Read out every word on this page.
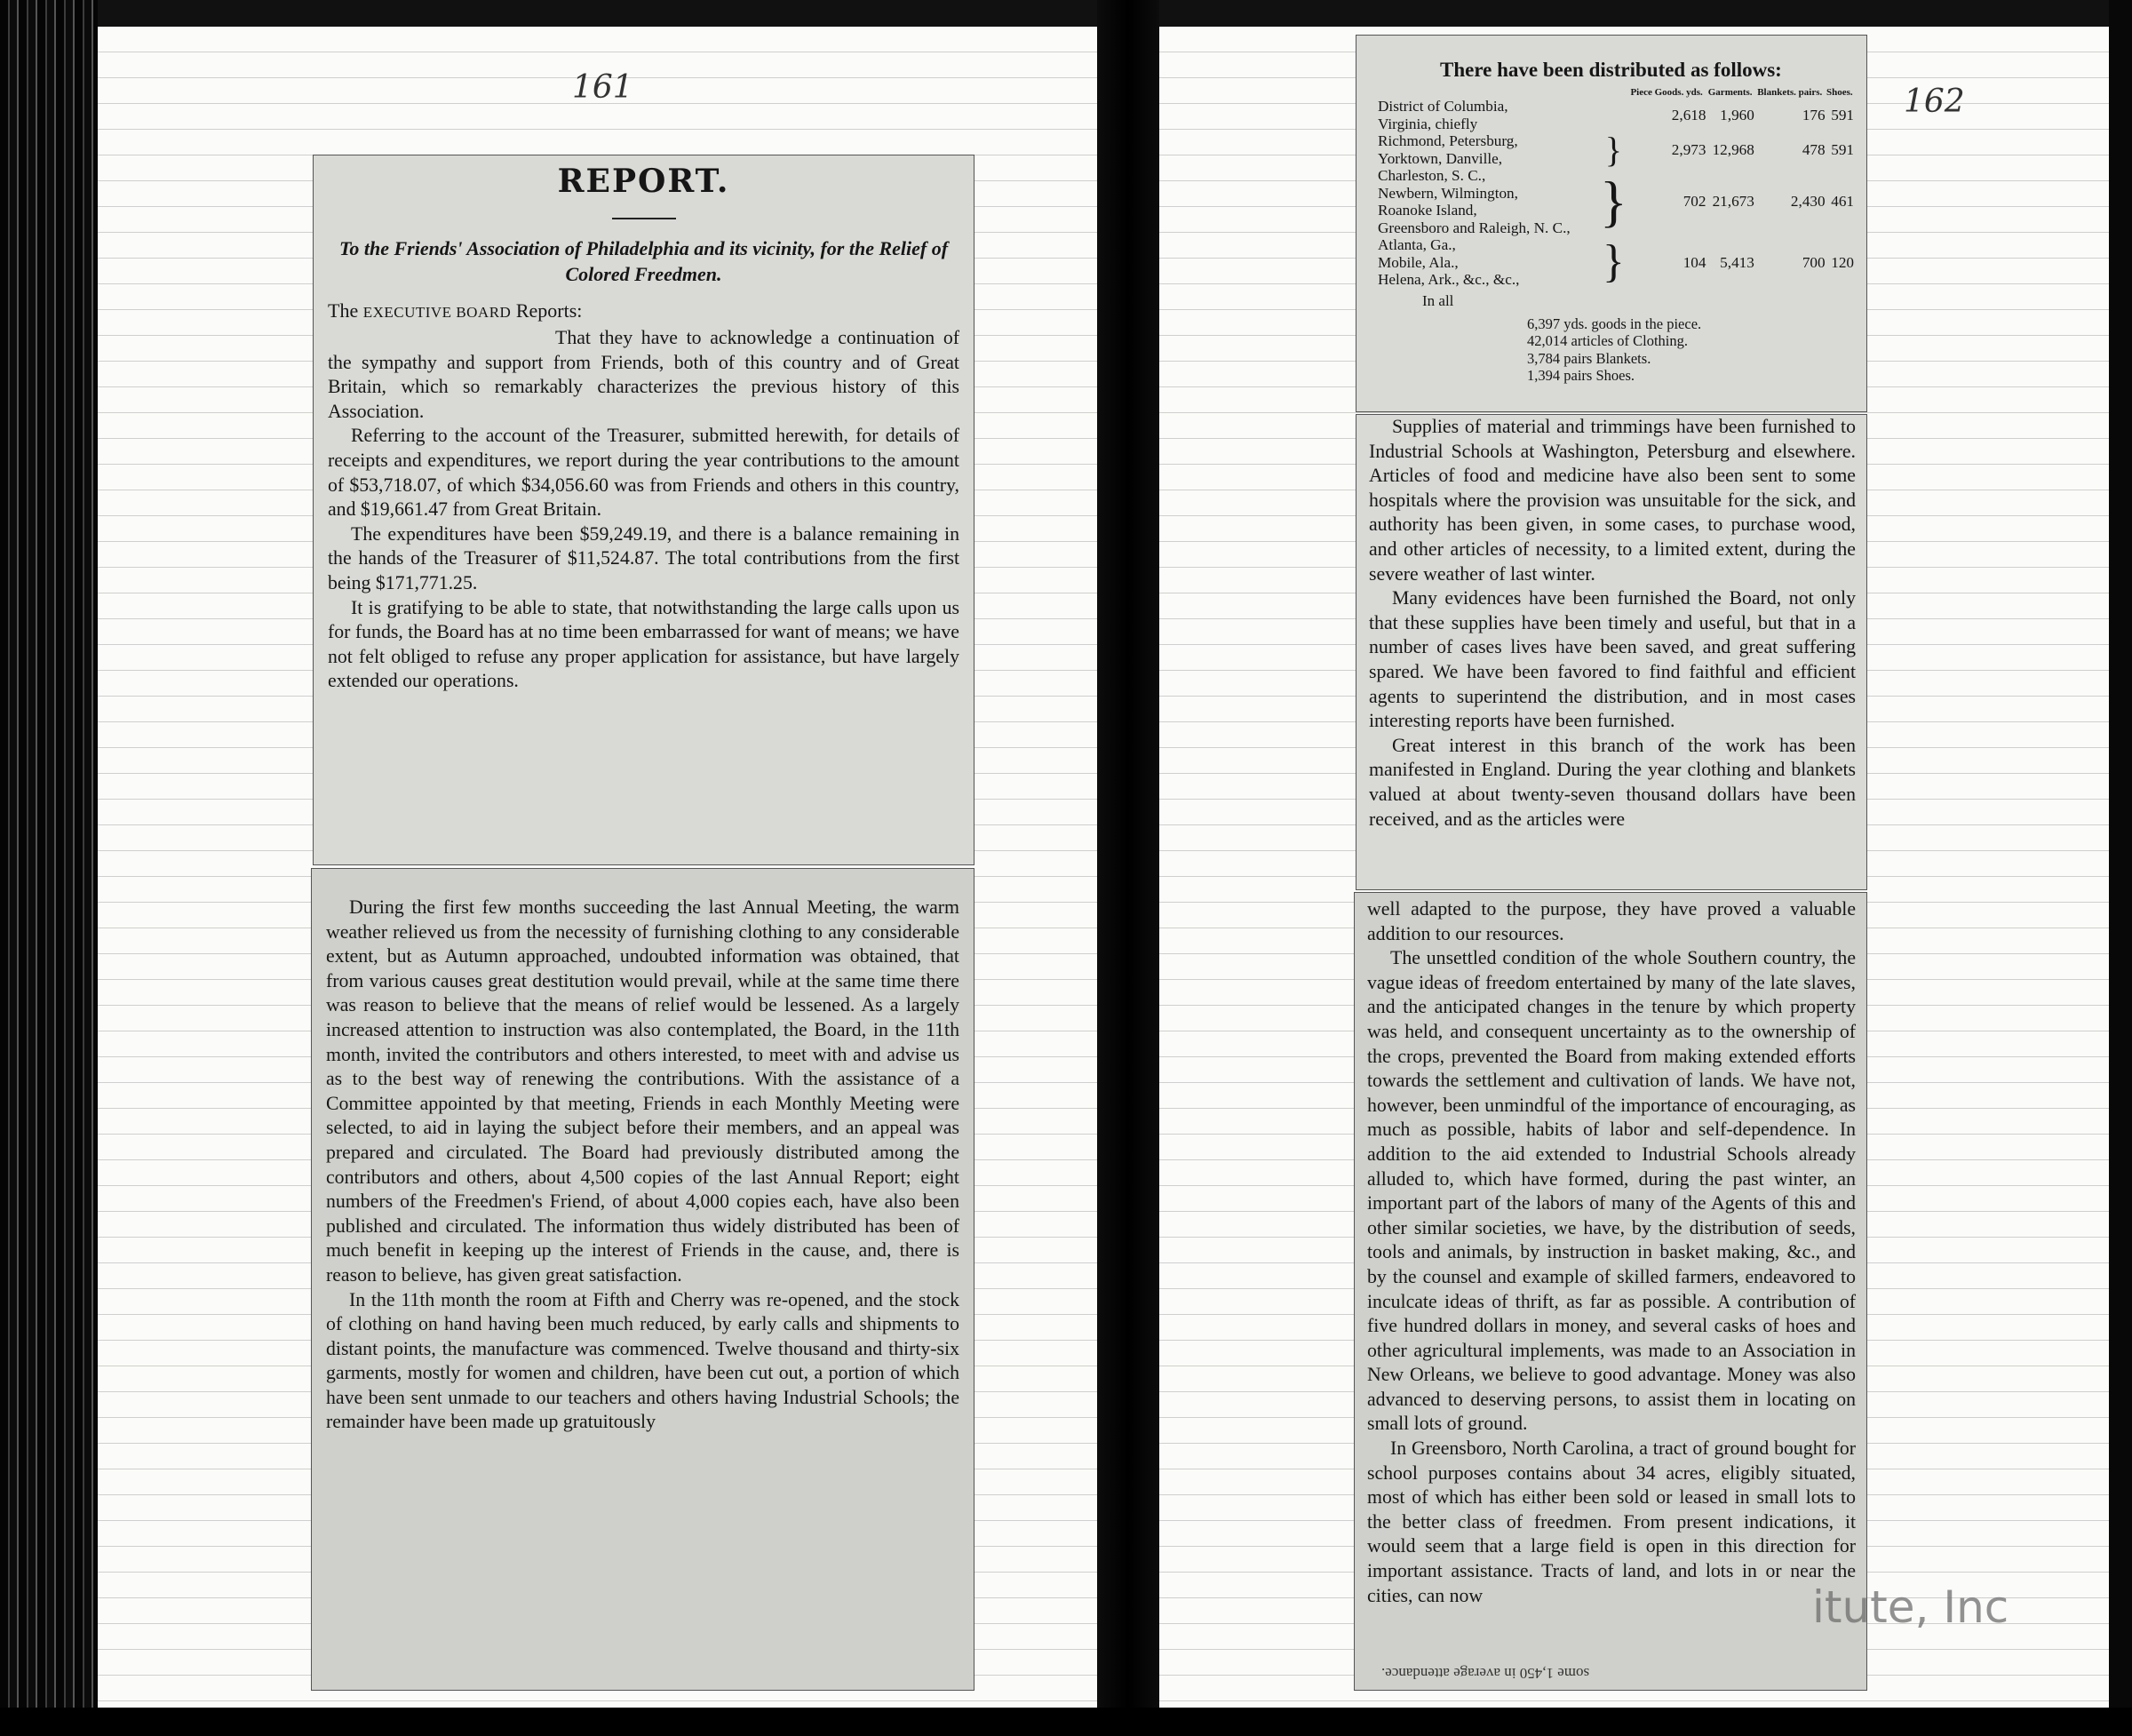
161
REPORT.

To the Friends' Association of Philadelphia and its vicinity, for the Relief of Colored Freedmen.

The EXECUTIVE BOARD Reports:

That they have to acknowledge a continuation of the sympathy and support from Friends, both of this country and of Great Britain, which so remarkably characterizes the previous history of this Association.

Referring to the account of the Treasurer, submitted herewith, for details of receipts and expenditures, we report during the year contributions to the amount of $53,718.07, of which $34,056.60 was from Friends and others in this country, and $19,661.47 from Great Britain.

The expenditures have been $59,249.19, and there is a balance remaining in the hands of the Treasurer of $11,524.87. The total contributions from the first being $171,771.25.

It is gratifying to be able to state, that notwithstanding the large calls upon us for funds, the Board has at no time been embarrassed for want of means; we have not felt obliged to refuse any proper application for assistance, but have largely extended our operations.

During the first few months succeeding the last Annual Meeting, the warm weather relieved us from the necessity of furnishing clothing to any considerable extent, but as Autumn approached, undoubted information was obtained, that from various causes great destitution would prevail, while at the same time there was reason to believe that the means of relief would be lessened. As a largely increased attention to instruction was also contemplated, the Board, in the 11th month, invited the contributors and others interested, to meet with and advise us as to the best way of renewing the contributions. With the assistance of a Committee appointed by that meeting, Friends in each Monthly Meeting were selected, to aid in laying the subject before their members, and an appeal was prepared and circulated. The Board had previously distributed among the contributors and others, about 4,500 copies of the last Annual Report; eight numbers of the Freedmen's Friend, of about 4,000 copies each, have also been published and circulated. The information thus widely distributed has been of much benefit in keeping up the interest of Friends in the cause, and, there is reason to believe, has given great satisfaction.

In the 11th month the room at Fifth and Cherry was re-opened, and the stock of clothing on hand having been much reduced, by early calls and shipments to distant points, the manufacture was commenced. Twelve thousand and thirty-six garments, mostly for women and children, have been cut out, a portion of which have been sent unmade to our teachers and others having Industrial Schools; the remainder have been made up gratuitously

162
There have been distributed as follows:
		Piece Goods. yds.	Garments.	Blankets. pairs.	Shoes.

District of Columbia,
Virginia, chiefly		2,618	1,960	176	591

Richmond, Petersburg,
Yorktown, Danville,	}	2,973	12,968	478	591

Charleston, S. C.,
Newbern, Wilmington,
Roanoke Island,
Greensboro and Raleigh, N. C.,	}	702	21,673	2,430	461

Atlanta, Ga.,
Mobile, Ala.,
Helena, Ark., &c., &c.,	}	104	5,413	700	120
In all
6,397 yds. goods in the piece.
42,014 articles of Clothing.
3,784 pairs Blankets.
1,394 pairs Shoes.

Supplies of material and trimmings have been furnished to Industrial Schools at Washington, Petersburg and elsewhere. Articles of food and medicine have also been sent to some hospitals where the provision was unsuitable for the sick, and authority has been given, in some cases, to purchase wood, and other articles of necessity, to a limited extent, during the severe weather of last winter.

Many evidences have been furnished the Board, not only that these supplies have been timely and useful, but that in a number of cases lives have been saved, and great suffering spared. We have been favored to find faithful and efficient agents to superintend the distribution, and in most cases interesting reports have been furnished.

Great interest in this branch of the work has been manifested in England. During the year clothing and blankets valued at about twenty-seven thousand dollars have been received, and as the articles were

well adapted to the purpose, they have proved a valuable addition to our resources.

The unsettled condition of the whole Southern country, the vague ideas of freedom entertained by many of the late slaves, and the anticipated changes in the tenure by which property was held, and consequent uncertainty as to the ownership of the crops, prevented the Board from making extended efforts towards the settlement and cultivation of lands. We have not, however, been unmindful of the importance of encouraging, as much as possible, habits of labor and self-dependence. In addition to the aid extended to Industrial Schools already alluded to, which have formed, during the past winter, an important part of the labors of many of the Agents of this and other similar societies, we have, by the distribution of seeds, tools and animals, by instruction in basket making, &c., and by the counsel and example of skilled farmers, endeavored to inculcate ideas of thrift, as far as possible. A contribution of five hundred dollars in money, and several casks of hoes and other agricultural implements, was made to an Association in New Orleans, we believe to good advantage. Money was also advanced to deserving persons, to assist them in locating on small lots of ground.

In Greensboro, North Carolina, a tract of ground bought for school purposes contains about 34 acres, eligibly situated, most of which has either been sold or leased in small lots to the better class of freedmen. From present indications, it would seem that a large field is open in this direction for important assistance. Tracts of land, and lots in or near the cities, can now

some 1,450 in average attendance.
itute, Inc
